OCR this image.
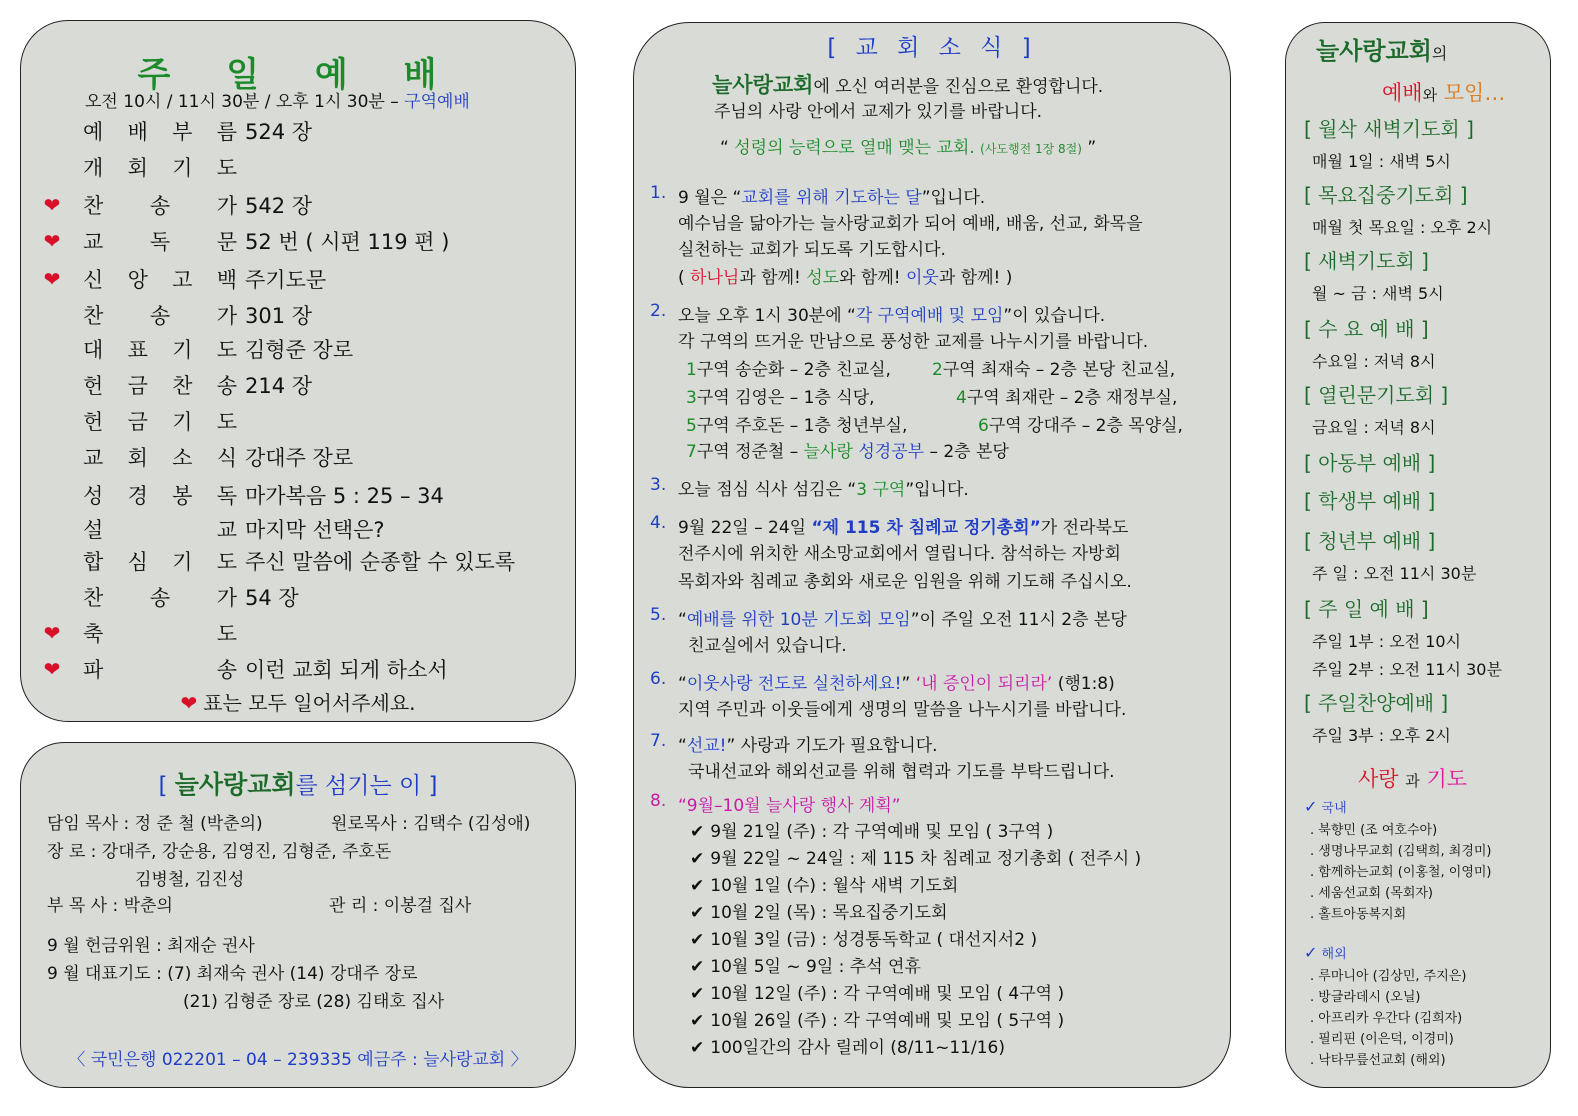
주 일 예 배
오전 10시 / 11시 30분 / 오후 1시 30분 – 구역예배
예 배 부 름 524 장
개 회 기 도
❤	찬 송 가 542 장
❤	교 독 문 52 번 ( 시편 119 편 )
❤	신 앙 고 백 주기도문
찬 송 가 301 장
대 표 기 도 김형준 장로
헌 금 찬 송 214 장
헌 금 기 도
교 회 소 식 강대주 장로
성 경 봉 독 마가복음 5 : 25 – 34
설	교 마지막 선택은?
합 심 기 도 주신 말씀에 순종할 수 있도록
찬 송 가 54 장
❤	축	도
❤	파	송 이런 교회 되게 하소서
❤ 표는 모두 일어서주세요.
[ 늘사랑교회를 섬기는 이 ]
담임 목사 : 정 준 철 (박춘의)	원로목사 : 김택수 (김성애)
장 로 : 강대주, 강순용, 김영진, 김형준, 주호돈
김병철, 김진성
부 목 사 : 박춘의	관 리 : 이봉걸 집사
9 월 헌금위원 : 최재순 권사
9 월 대표기도 : (7) 최재숙 권사 (14) 강대주 장로
(21) 김형준 장로 (28) 김태호 집사
〈 국민은행 022201 – 04 – 239335 예금주 : 늘사랑교회 〉
[ 교 회 소 식 ]
늘사랑교회에 오신 여러분을 진심으로 환영합니다.
주님의 사랑 안에서 교제가 있기를 바랍니다.
“ 성령의 능력으로 열매 맺는 교회. (사도행전 1장 8절) ”
1. 9 월은 “교회를 위해 기도하는 달”입니다.
예수님을 닮아가는 늘사랑교회가 되어 예배, 배움, 선교, 화목을
실천하는 교회가 되도록 기도합시다.
( 하나님과 함께! 성도와 함께! 이웃과 함께! )
2. 오늘 오후 1시 30분에 “각 구역예배 및 모임”이 있습니다.
각 구역의 뜨거운 만남으로 풍성한 교제를 나누시기를 바랍니다.
1구역 송순화 – 2층 친교실, 2구역 최재숙 – 2층 본당 친교실,
3구역 김영은 – 1층 식당,	4구역 최재란 – 2층 재정부실,
5구역 주호돈 – 1층 청년부실,	6구역 강대주 – 2층 목양실,
7구역 정준철 – 늘사랑 성경공부 – 2층 본당
3. 오늘 점심 식사 섬김은 “3 구역”입니다.
4. 9월 22일 – 24일 “제 115 차 침례교 정기총회”가 전라북도
전주시에 위치한 새소망교회에서 열립니다. 참석하는 자방회
목회자와 침례교 총회와 새로운 임원을 위해 기도해 주십시오.
5. “예배를 위한 10분 기도회 모임”이 주일 오전 11시 2층 본당
친교실에서 있습니다.
6. “이웃사랑 전도로 실천하세요!” ‘내 증인이 되리라’ (행1:8)
지역 주민과 이웃들에게 생명의 말씀을 나누시기를 바랍니다.
7. “선교!” 사랑과 기도가 필요합니다.
국내선교와 해외선교를 위해 협력과 기도를 부탁드립니다.
8. “9월–10월 늘사랑 행사 계획”
✔ 9월 21일 (주) : 각 구역예배 및 모임 ( 3구역 )
✔ 9월 22일 ~ 24일 : 제 115 차 침례교 정기총회 ( 전주시 )
✔ 10월 1일 (수) : 월삭 새벽 기도회
✔ 10월 2일 (목) : 목요집중기도회
✔ 10월 3일 (금) : 성경통독학교 ( 대선지서2 )
✔ 10월 5일 ~ 9일 : 추석 연휴
✔ 10월 12일 (주) : 각 구역예배 및 모임 ( 4구역 )
✔ 10월 26일 (주) : 각 구역예배 및 모임 ( 5구역 )
✔ 100일간의 감사 릴레이 (8/11~11/16)
늘사랑교회의
예배와 모임…
[ 월삭 새벽기도회 ]
매월 1일 : 새벽 5시
[ 목요집중기도회 ]
매월 첫 목요일 : 오후 2시
[ 새벽기도회 ]
월 ~ 금 : 새벽 5시
[ 수 요 예 배 ]
수요일 : 저녁 8시
[ 열린문기도회 ]
금요일 : 저녁 8시
[ 아동부 예배 ]
[ 학생부 예배 ]
[ 청년부 예배 ]
주 일 : 오전 11시 30분
[ 주 일 예 배 ]
주일 1부 : 오전 10시
주일 2부 : 오전 11시 30분
[ 주일찬양예배 ]
주일 3부 : 오후 2시
사랑 과 기도
✓ 국내
. 북향민 (조 여호수아)
. 생명나무교회 (김택희, 최경미)
. 함께하는교회 (이홍철, 이영미)
. 세움선교회 (목회자)
. 홀트아동복지회
✓ 해외
. 루마니아 (김상민, 주지은)
. 방글라데시 (오닐)
. 아프리카 우간다 (김희자)
. 필리핀 (이은덕, 이경미)
. 낙타무릎선교회 (해외)
